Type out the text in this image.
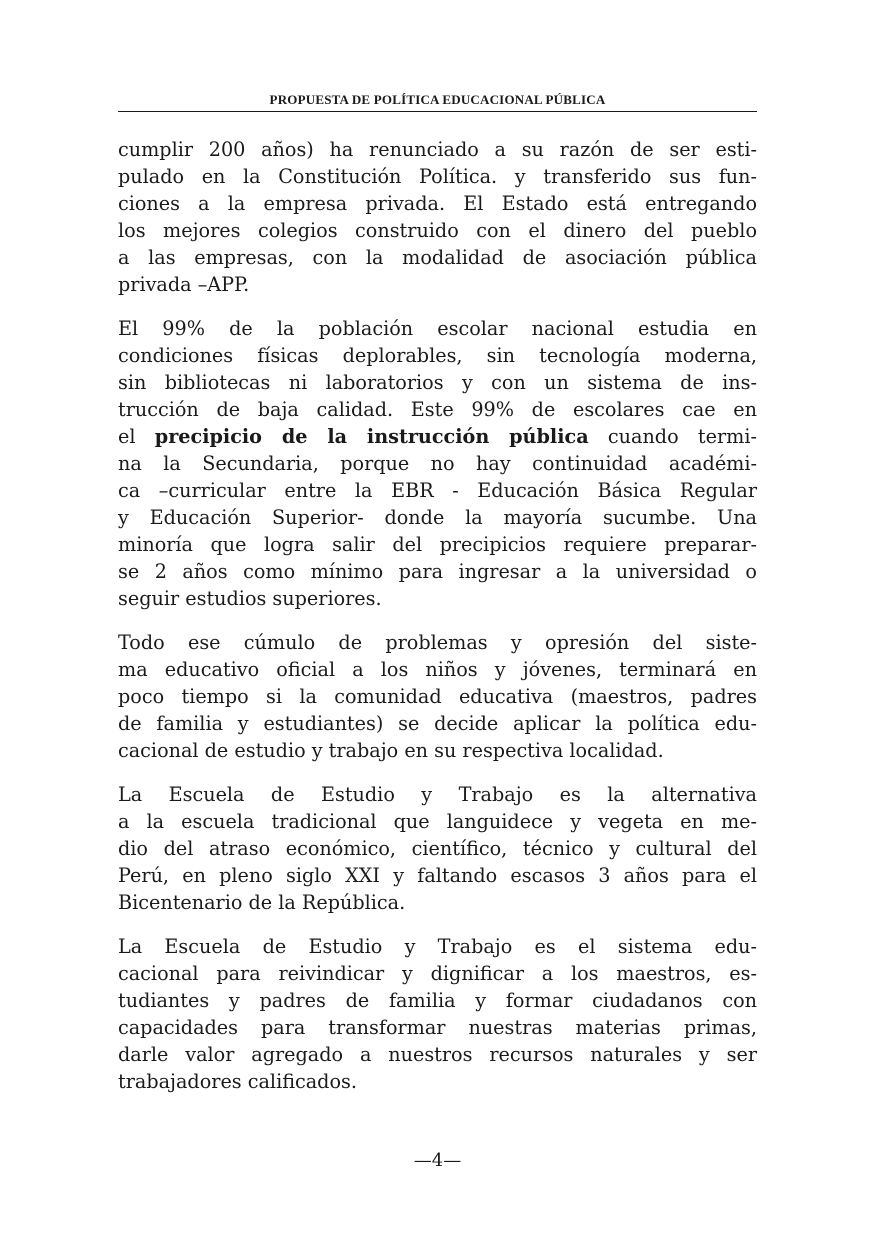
PROPUESTA DE POLÍTICA EDUCACIONAL PÚBLICA
cumplir 200 años) ha renunciado a su razón de ser esti-
pulado en la Constitución Política. y transferido sus fun-
ciones a la empresa privada. El Estado está entregando
los mejores colegios construido con el dinero del pueblo
a las empresas, con la modalidad de asociación pública
privada –APP.
El 99% de la población escolar nacional estudia en
condiciones físicas deplorables, sin tecnología moderna,
sin bibliotecas ni laboratorios y con un sistema de ins-
trucción de baja calidad. Este 99% de escolares cae en
el precipicio de la instrucción pública cuando termi-
na la Secundaria, porque no hay continuidad académi-
ca –curricular entre la EBR - Educación Básica Regular
y Educación Superior- donde la mayoría sucumbe. Una
minoría que logra salir del precipicios requiere preparar-
se 2 años como mínimo para ingresar a la universidad o
seguir estudios superiores.
Todo ese cúmulo de problemas y opresión del siste-
ma educativo oficial a los niños y jóvenes, terminará en
poco tiempo si la comunidad educativa (maestros, padres
de familia y estudiantes) se decide aplicar la política edu-
cacional de estudio y trabajo en su respectiva localidad.
La Escuela de Estudio y Trabajo es la alternativa
a la escuela tradicional que languidece y vegeta en me-
dio del atraso económico, científico, técnico y cultural del
Perú, en pleno siglo XXI y faltando escasos 3 años para el
Bicentenario de la República.
La Escuela de Estudio y Trabajo es el sistema edu-
cacional para reivindicar y dignificar a los maestros, es-
tudiantes y padres de familia y formar ciudadanos con
capacidades para transformar nuestras materias primas,
darle valor agregado a nuestros recursos naturales y ser
trabajadores calificados.
—4—
